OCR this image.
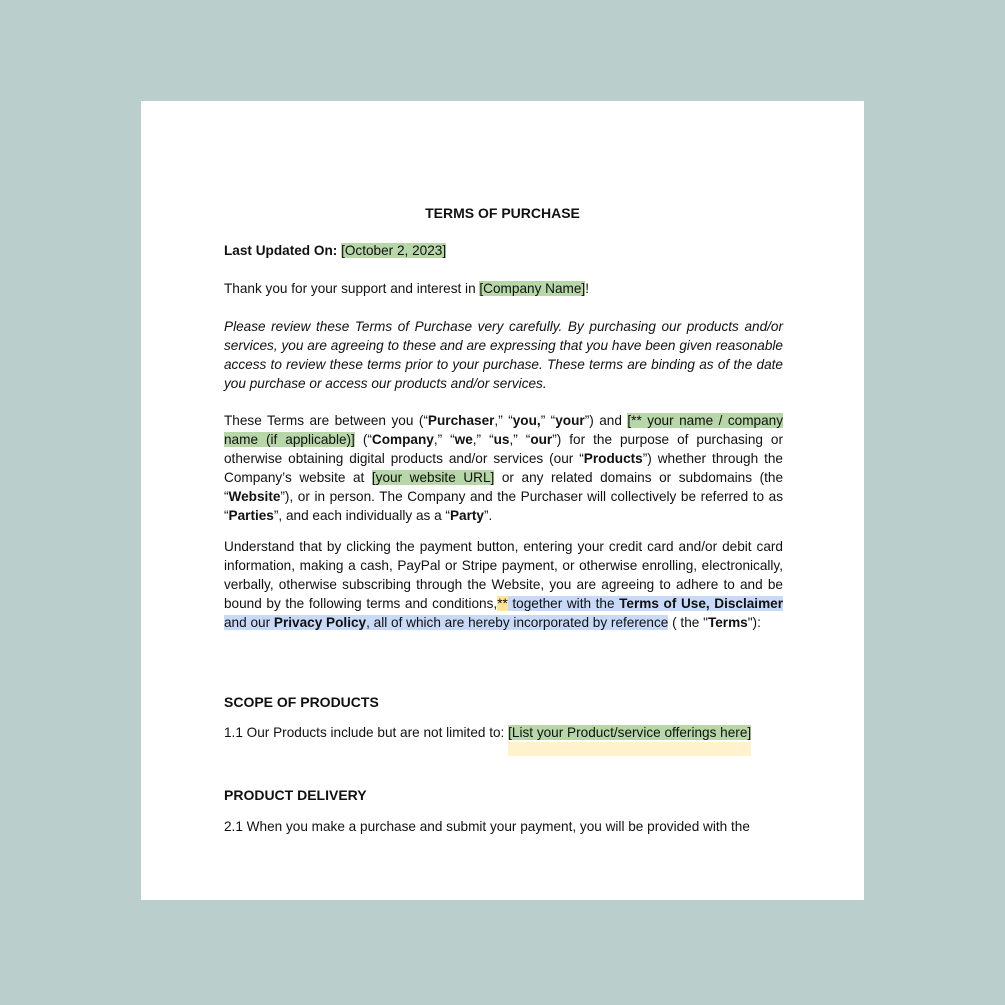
TERMS OF PURCHASE
Last Updated On: [October 2, 2023]
Thank you for your support and interest in [Company Name]!
Please review these Terms of Purchase very carefully. By purchasing our products and/or services, you are agreeing to these and are expressing that you have been given reasonable access to review these terms prior to your purchase. These terms are binding as of the date you purchase or access our products and/or services.
These Terms are between you (“Purchaser,” “you,” “your”) and [** your name / company name (if applicable)] (“Company,” “we,” “us,” “our”) for the purpose of purchasing or otherwise obtaining digital products and/or services (our “Products”) whether through the Company’s website at [your website URL] or any related domains or subdomains (the “Website”), or in person. The Company and the Purchaser will collectively be referred to as “Parties”, and each individually as a “Party”.
Understand that by clicking the payment button, entering your credit card and/or debit card information, making a cash, PayPal or Stripe payment, or otherwise enrolling, electronically, verbally, otherwise subscribing through the Website, you are agreeing to adhere to and be bound by the following terms and conditions,** together with the Terms of Use, Disclaimer and our Privacy Policy, all of which are hereby incorporated by reference ( the "Terms"):
SCOPE OF PRODUCTS
1.1 Our Products include but are not limited to: [List your Product/service offerings here]
PRODUCT DELIVERY
2.1 When you make a purchase and submit your payment, you will be provided with the
